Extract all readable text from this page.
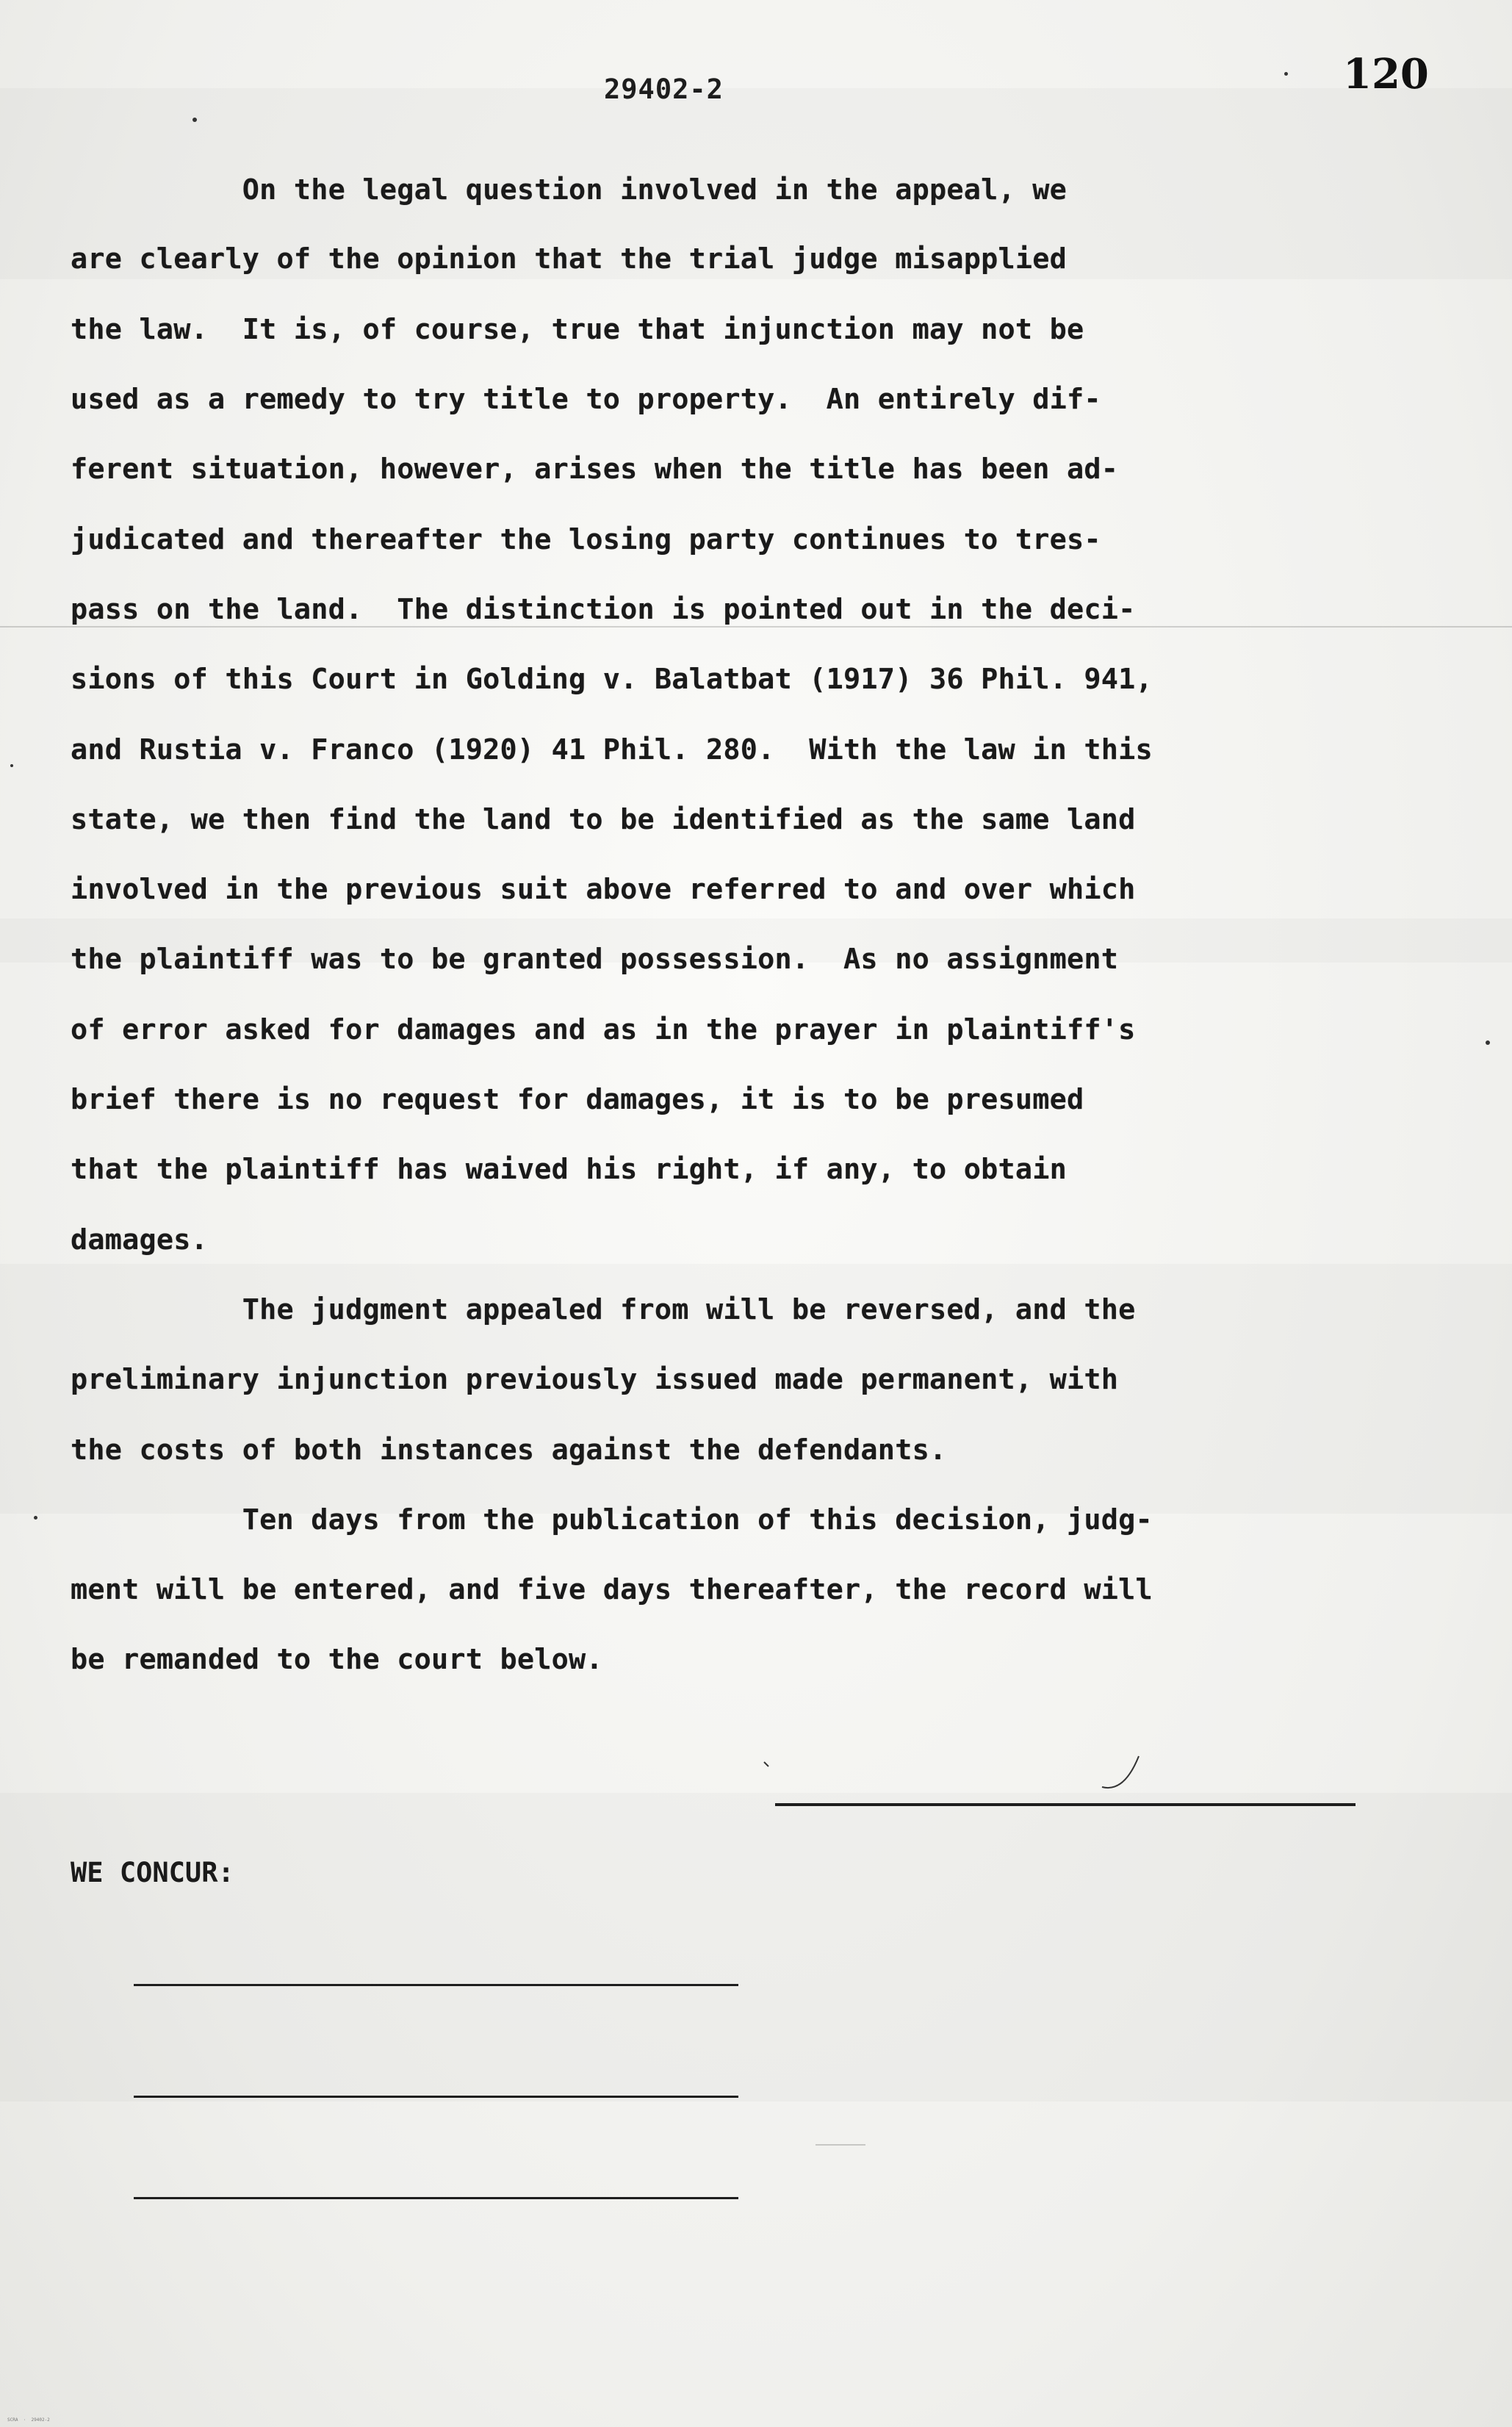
29402-2	120
On the legal question involved in the appeal, we
are clearly of the opinion that the trial judge misapplied
the law.  It is, of course, true that injunction may not be
used as a remedy to try title to property.  An entirely dif-
ferent situation, however, arises when the title has been ad-
judicated and thereafter the losing party continues to tres-
pass on the land.  The distinction is pointed out in the deci-
sions of this Court in Golding v. Balatbat (1917) 36 Phil. 941,
and Rustia v. Franco (1920) 41 Phil. 280.  With the law in this
state, we then find the land to be identified as the same land
involved in the previous suit above referred to and over which
the plaintiff was to be granted possession.  As no assignment
of error asked for damages and as in the prayer in plaintiff's
brief there is no request for damages, it is to be presumed
that the plaintiff has waived his right, if any, to obtain
damages.
The judgment appealed from will be reversed, and the
preliminary injunction previously issued made permanent, with
the costs of both instances against the defendants.
Ten days from the publication of this decision, judg-
ment will be entered, and five days thereafter, the record will
be remanded to the court below.
WE CONCUR:
SCRA  ·  29402-2
